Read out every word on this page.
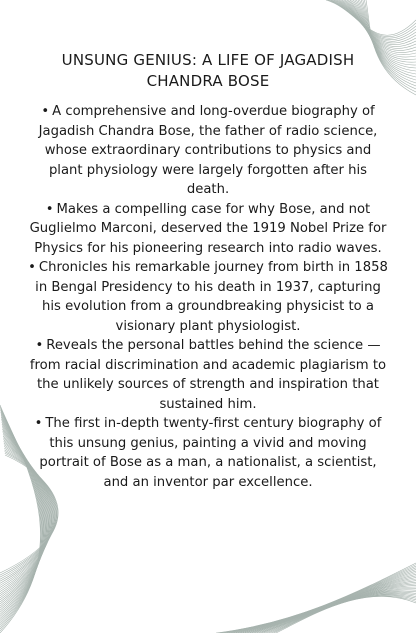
UNSUNG GENIUS: A LIFE OF JAGADISH CHANDRA BOSE
• A comprehensive and long-overdue biography of Jagadish Chandra Bose, the father of radio science, whose extraordinary contributions to physics and plant physiology were largely forgotten after his death.
• Makes a compelling case for why Bose, and not Guglielmo Marconi, deserved the 1919 Nobel Prize for Physics for his pioneering research into radio waves.
• Chronicles his remarkable journey from birth in 1858 in Bengal Presidency to his death in 1937, capturing his evolution from a groundbreaking physicist to a visionary plant physiologist.
• Reveals the personal battles behind the science — from racial discrimination and academic plagiarism to the unlikely sources of strength and inspiration that sustained him.
• The first in-depth twenty-first century biography of this unsung genius, painting a vivid and moving portrait of Bose as a man, a nationalist, a scientist, and an inventor par excellence.
